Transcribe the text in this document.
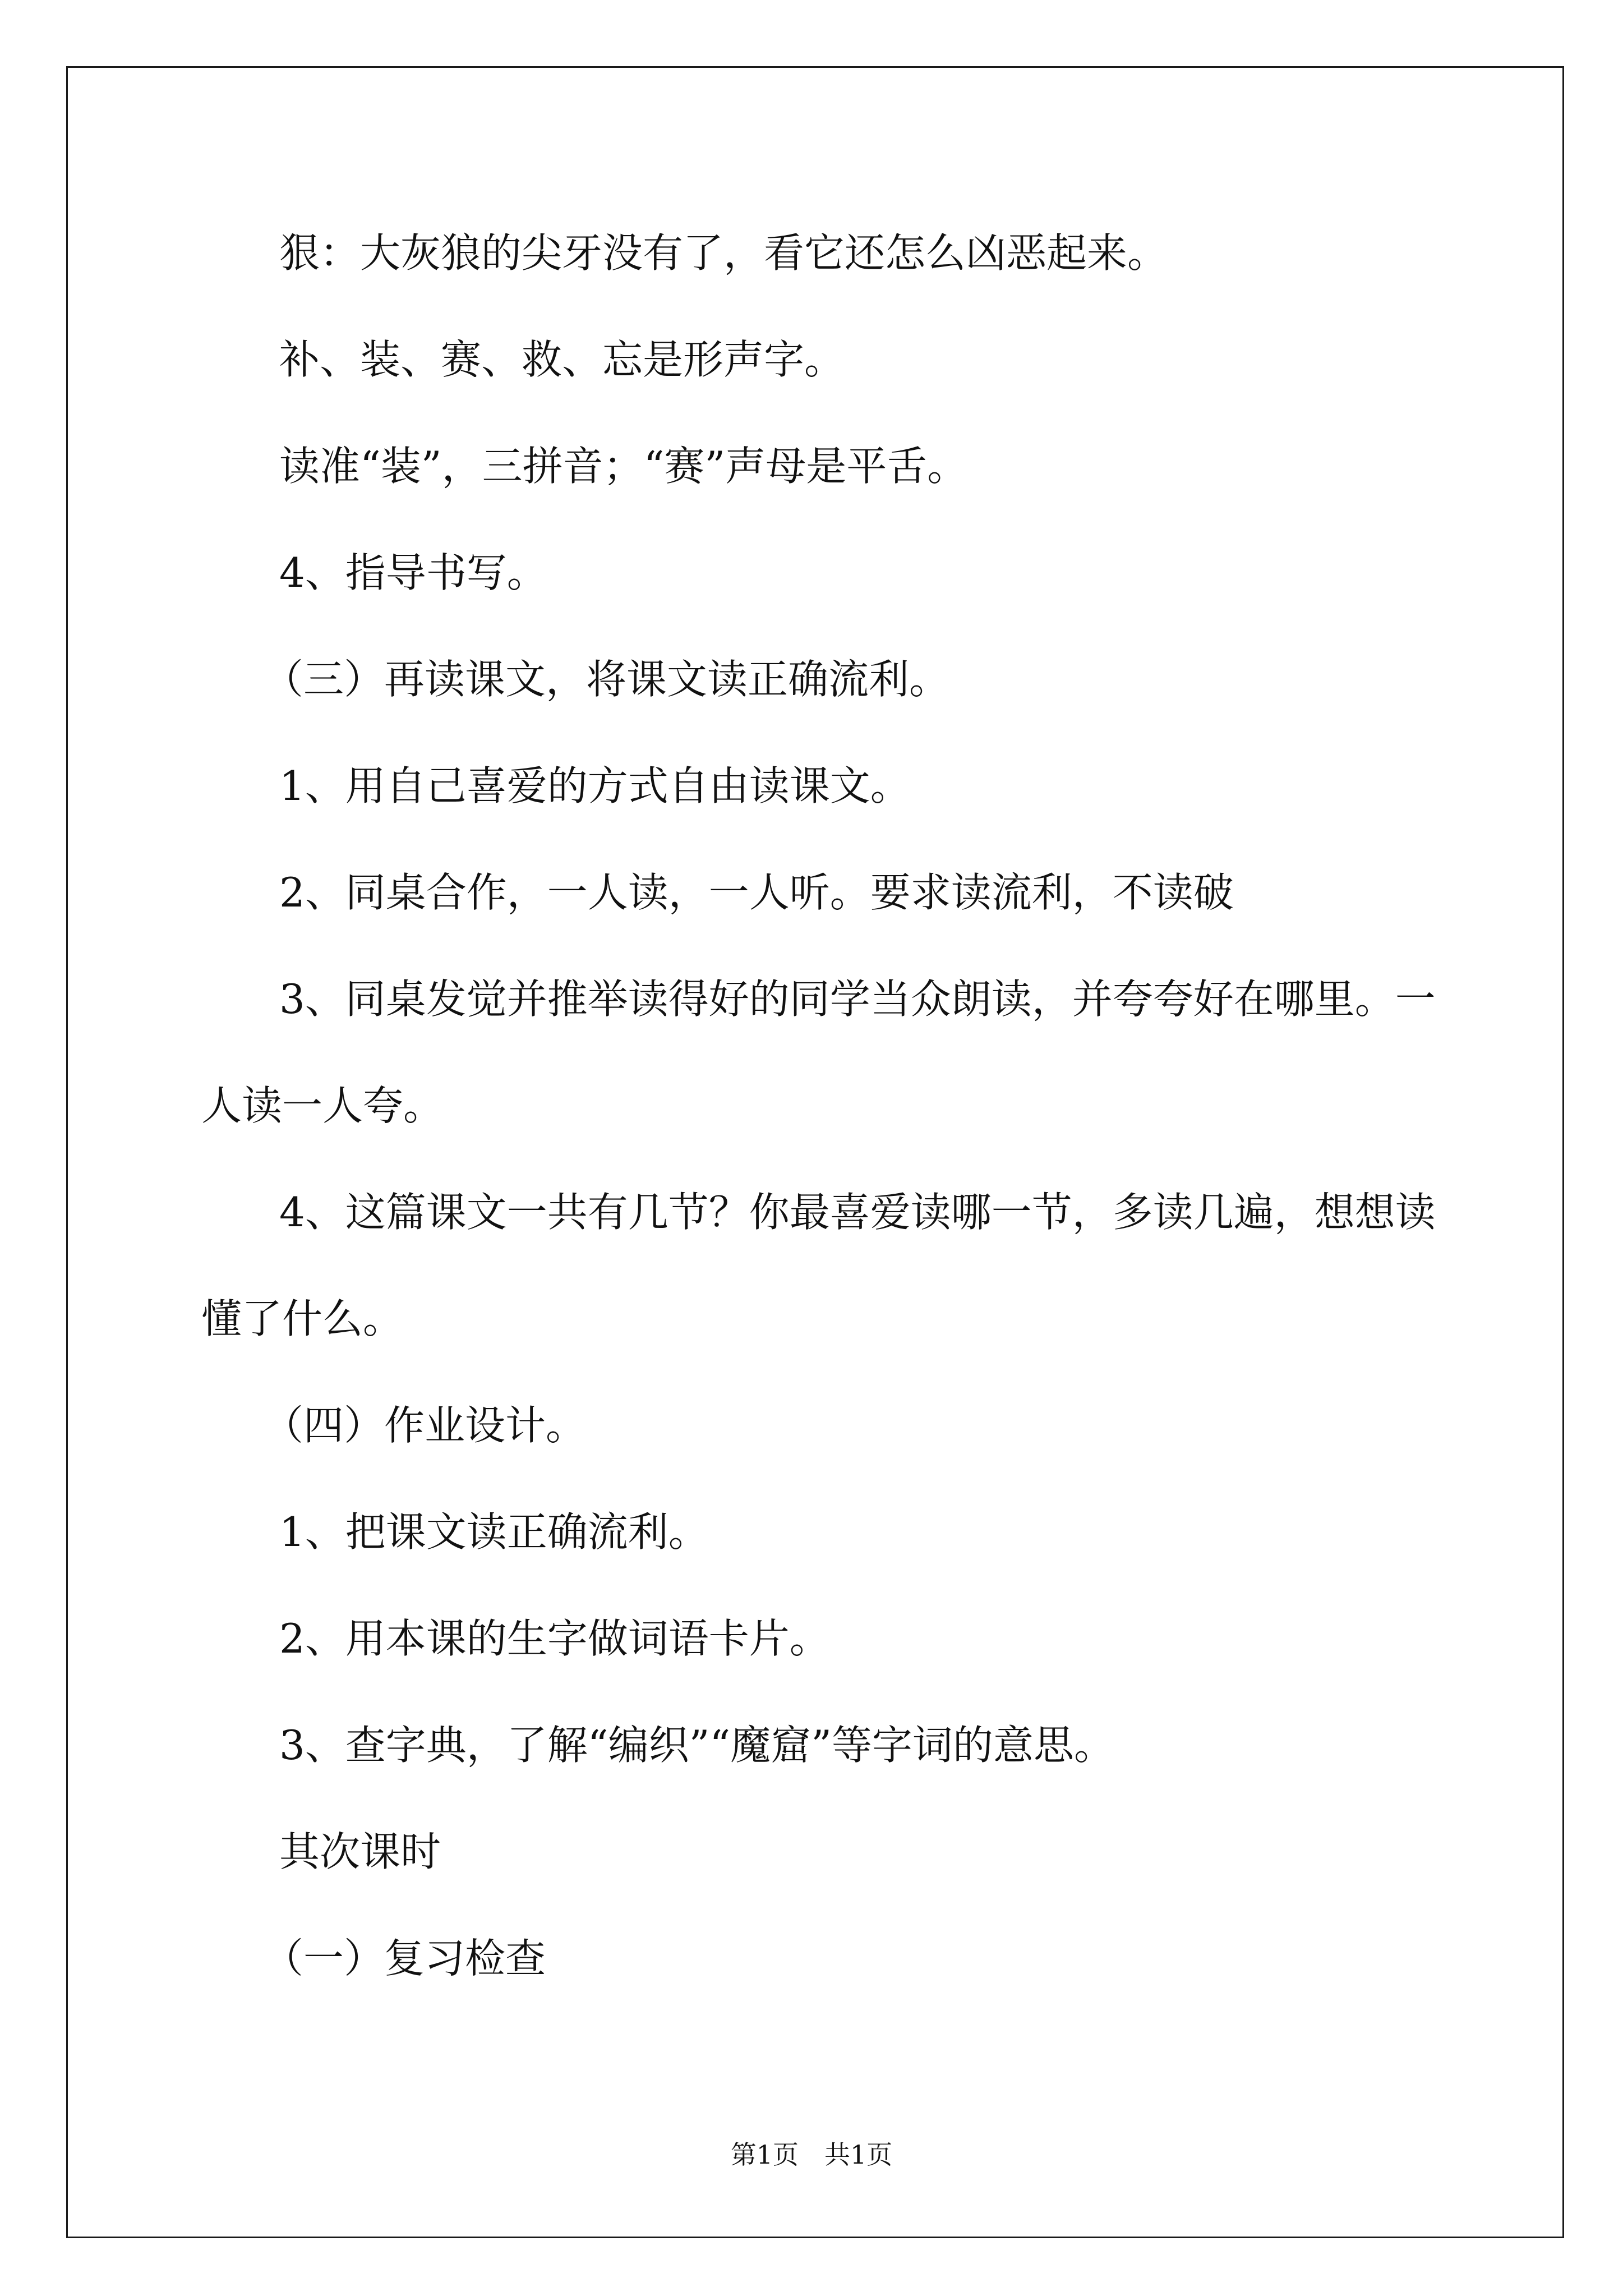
狠：大灰狼的尖牙没有了，看它还怎么凶恶起来。
补、装、赛、救、忘是形声字。
读准“装”，三拼音；“赛”声母是平舌。
4、指导书写。
（三）再读课文，将课文读正确流利。
1、用自己喜爱的方式自由读课文。
2、同桌合作，一人读，一人听。要求读流利，不读破
3、同桌发觉并推举读得好的同学当众朗读，并夸夸好在哪里。一
人读一人夸。
4、这篇课文一共有几节？你最喜爱读哪一节，多读几遍，想想读
懂了什么。
（四）作业设计。
1、把课文读正确流利。
2、用本课的生字做词语卡片。
3、查字典，了解“编织”“魔窟”等字词的意思。
其次课时
（一）复习检查
第1页　共1页
